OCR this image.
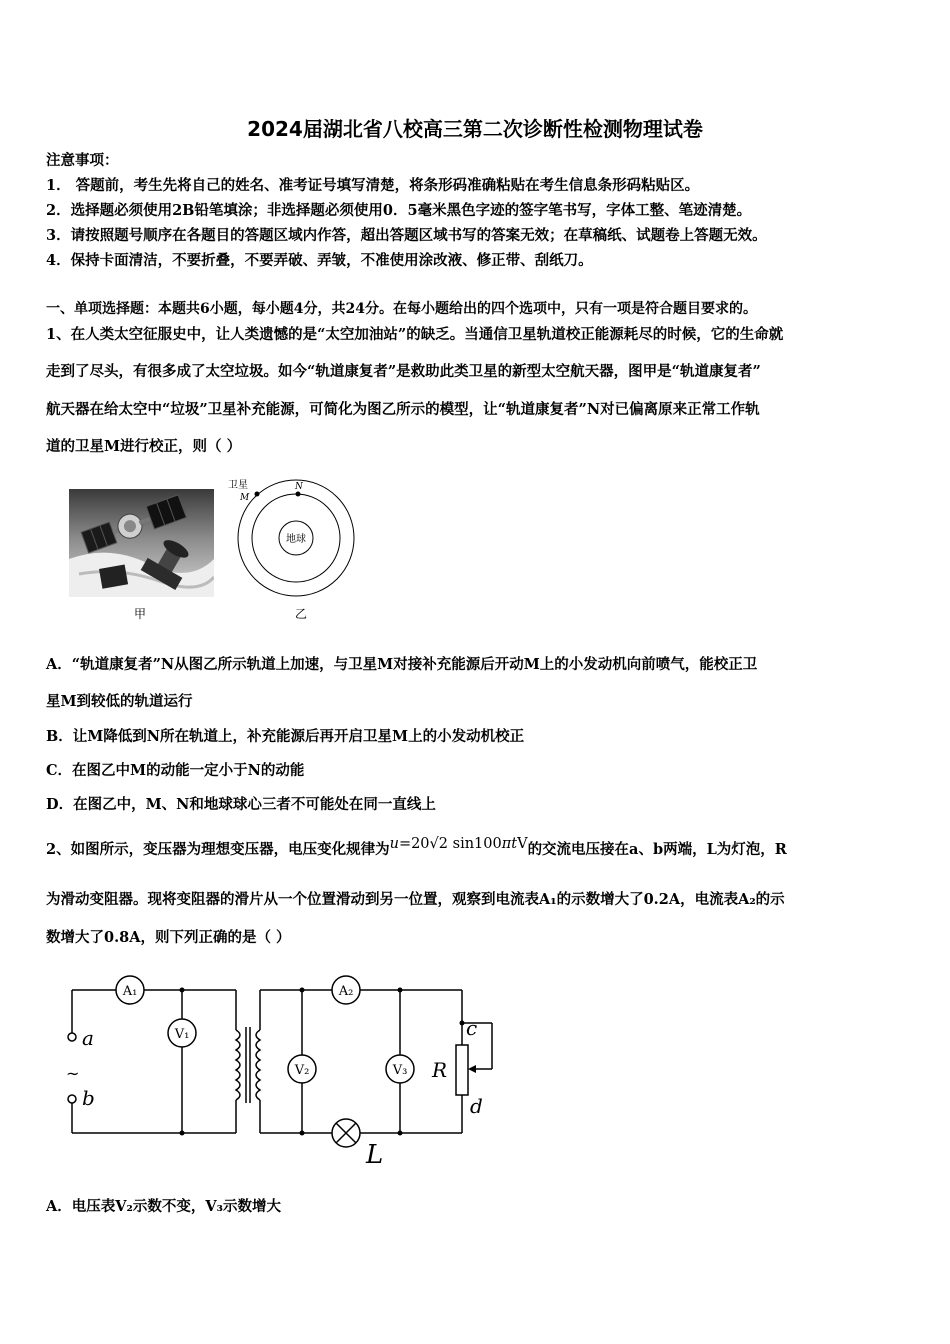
2024届湖北省八校高三第二次诊断性检测物理试卷
注意事项：
1． 答题前，考生先将自己的姓名、准考证号填写清楚，将条形码准确粘贴在考生信息条形码粘贴区。
2．选择题必须使用2B铅笔填涂；非选择题必须使用0．5毫米黑色字迹的签字笔书写，字体工整、笔迹清楚。
3．请按照题号顺序在各题目的答题区域内作答，超出答题区域书写的答案无效；在草稿纸、试题卷上答题无效。
4．保持卡面清洁，不要折叠，不要弄破、弄皱，不准使用涂改液、修正带、刮纸刀。
一、单项选择题：本题共6小题，每小题4分，共24分。在每小题给出的四个选项中，只有一项是符合题目要求的。
1、在人类太空征服史中，让人类遗憾的是“太空加油站”的缺乏。当通信卫星轨道校正能源耗尽的时候，它的生命就
走到了尽头，有很多成了太空垃圾。如今“轨道康复者”是救助此类卫星的新型太空航天器，图甲是“轨道康复者”
航天器在给太空中“垃圾”卫星补充能源，可简化为图乙所示的模型，让“轨道康复者”N对已偏离原来正常工作轨
道的卫星M进行校正，则（ ）
甲
地球
卫星
M
N
乙
A．“轨道康复者”N从图乙所示轨道上加速，与卫星M对接补充能源后开动M上的小发动机向前喷气，能校正卫
星M到较低的轨道运行
B．让M降低到N所在轨道上，补充能源后再开启卫星M上的小发动机校正
C．在图乙中M的动能一定小于N的动能
D．在图乙中，M、N和地球球心三者不可能处在同一直线上
2、如图所示，变压器为理想变压器，电压变化规律为u=20√2 sin100πtV的交流电压接在a、b两端，L为灯泡，R
为滑动变阻器。现将变阻器的滑片从一个位置滑动到另一位置，观察到电流表A₁的示数增大了0.2A，电流表A₂的示
数增大了0.8A，则下列正确的是（ ）
A₁	A₂
V₁
V₂	V₃
a
b
R
c
d
L
~
A．电压表V₂示数不变，V₃示数增大
